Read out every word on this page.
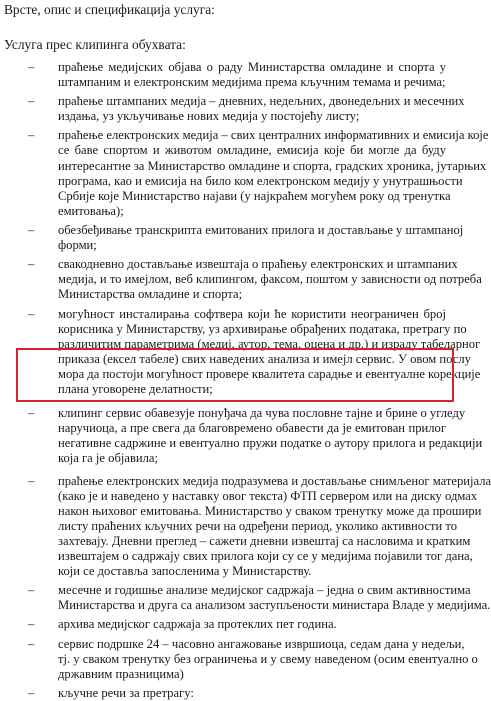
Врсте, опис и спецификација услуга:
Услуга прес клипинга обухвата:
– праћење медијских објава о раду Министарства омладине и спорта у
штампаним и електронским медијима према кључним темама и речима;
– праћење штампаних медија – дневних, недељних, двонедељних и месечних
издања, уз укључивање нових медија у постојећу листу;
– праћење електронских медија – свих централних информативних и емисија које
се баве спортом и животом омладине, емисија које би могле да буду
интересантне за Министарство омладине и спорта, градских хроника, јутарњих
програма, као и емисија на било ком електронском медију у унутрашњости
Србије које Министарство најави (у најкраћем могућем року од тренутка
емитовања);
– обезбеђивање транскрипта емитованих прилога и достављање у штампаној
форми;
– свакодневно достављање извештаја о праћењу електронских и штампаних
медија, и то имејлом, веб клипингом, факсом, поштом у зависности од потреба
Министарства омладине и спорта;
– могућност инсталирања софтвера који ће користити неограничен број
корисника у Министарству, уз архивирање обрађених података, претрагу по
различитим параметрима (медиј, аутор, тема, оцена и др.) и израду табеларног
приказа (ексел табеле) свих наведених анализа и имејл сервис. У овом послу
мора да постоји могућност провере квалитета сарадње и евентуалне корекције
плана уговорене делатности;
– клипинг сервис обавезује понуђача да чува пословне тајне и брине о угледу
наручиоца, а пре свега да благовремено обавести да је емитован прилог
негативне садржине и евентуално пружи податке о аутору прилога и редакцији
која га је објавила;
– праћење електронских медија подразумева и достављање снимљеног материјала
(како је и наведено у наставку овог текста) ФТП сервером или на диску одмах
након њиховог емитовања. Министарство у сваком тренутку може да прошири
листу праћених кључних речи на одређени период, уколико активности то
захтевају. Дневни преглед – сажети дневни извештај са насловима и кратким
извештајем о садржају свих прилога који су се у медијима појавили тог дана,
који се доставља запосленима у Министарству.
– месечне и годишње анализе медијског садржаја – једна о свим активностима
Министарства и друга са анализом заступљености министара Владе у медијима.
– архива медијског садржаја за протеклих пет година.
– сервис подршке 24 – часовно ангажовање извршиоца, седам дана у недељи,
тј. у сваком тренутку без ограничења и у свему наведеном (осим евентуално о
државним празницима)
– кључне речи за претрагу:
